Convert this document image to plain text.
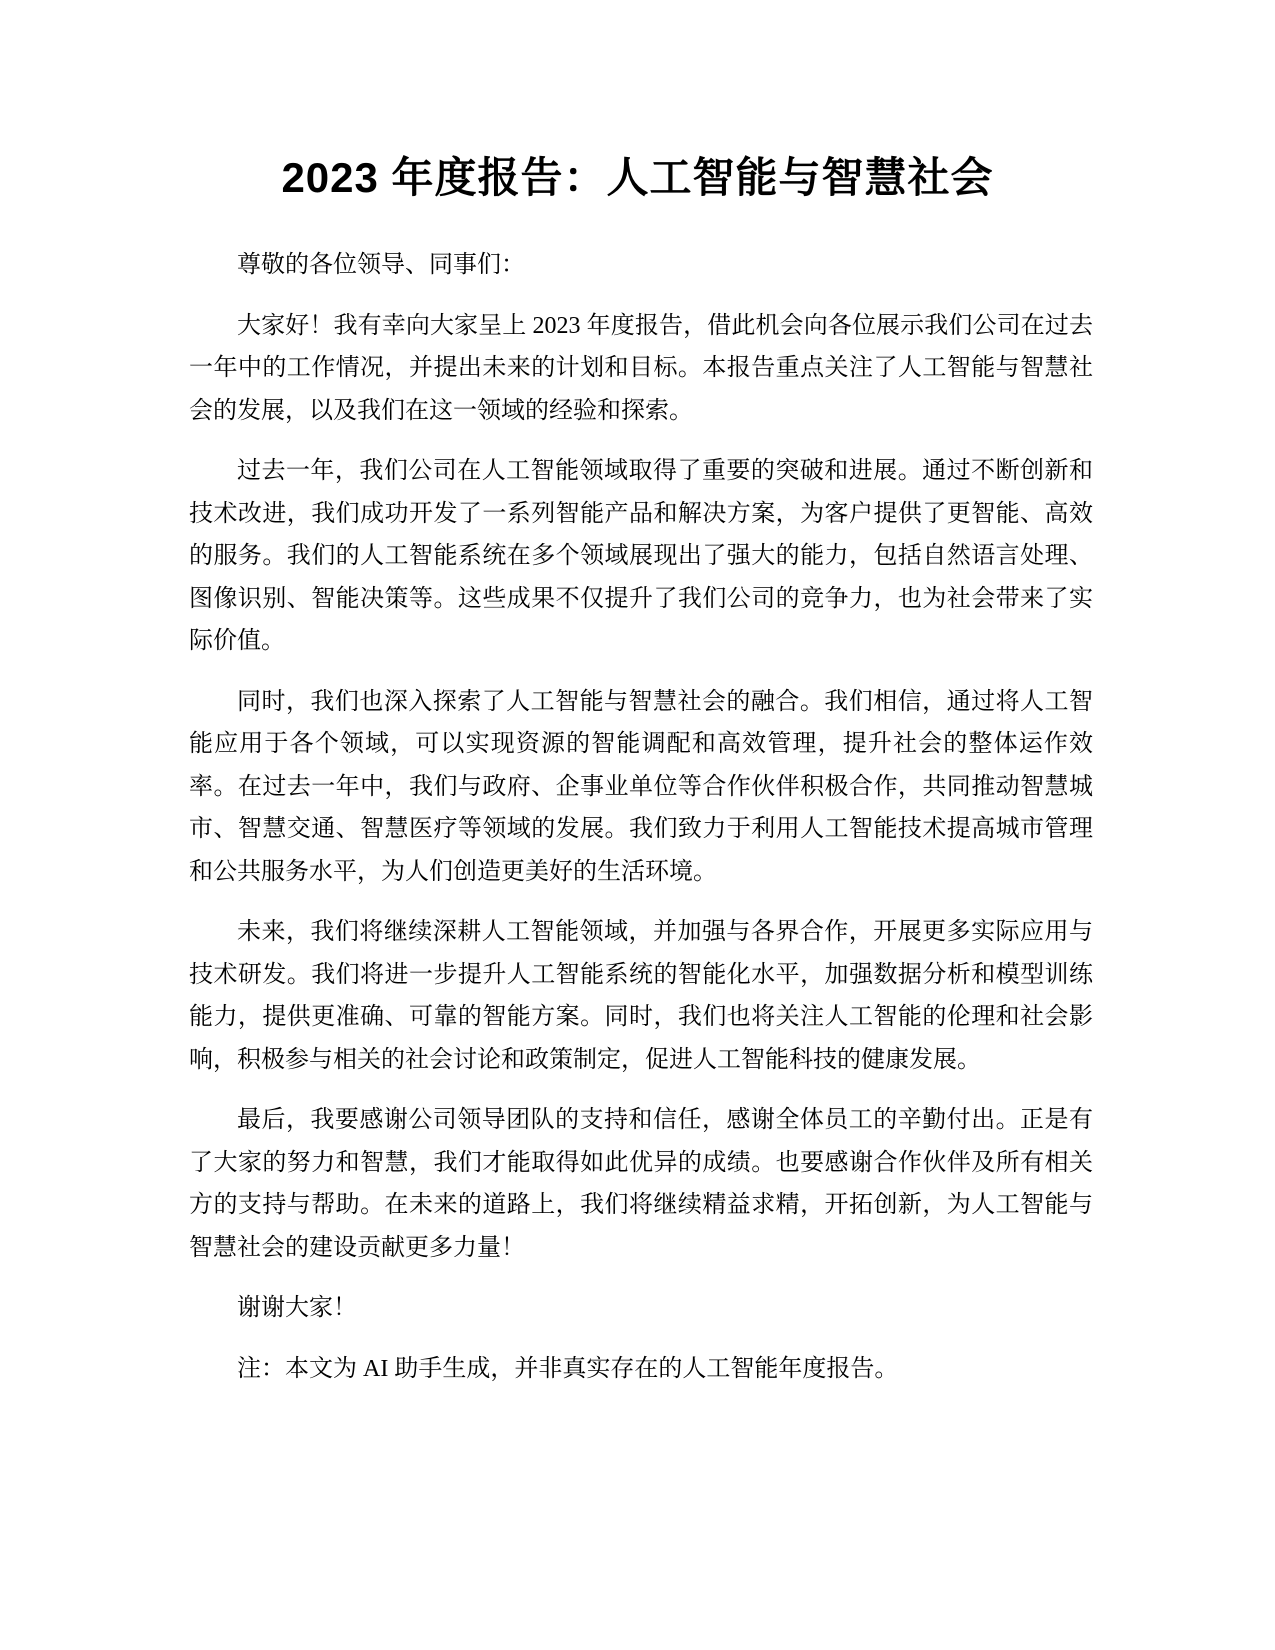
2023 年度报告：人工智能与智慧社会

尊敬的各位领导、同事们：

大家好！我有幸向大家呈上 2023 年度报告，借此机会向各位展示我们公司在过去一年中的工作情况，并提出未来的计划和目标。本报告重点关注了人工智能与智慧社会的发展，以及我们在这一领域的经验和探索。

过去一年，我们公司在人工智能领域取得了重要的突破和进展。通过不断创新和技术改进，我们成功开发了一系列智能产品和解决方案，为客户提供了更智能、高效的服务。我们的人工智能系统在多个领域展现出了强大的能力，包括自然语言处理、图像识别、智能决策等。这些成果不仅提升了我们公司的竞争力，也为社会带来了实际价值。

同时，我们也深入探索了人工智能与智慧社会的融合。我们相信，通过将人工智能应用于各个领域，可以实现资源的智能调配和高效管理，提升社会的整体运作效率。在过去一年中，我们与政府、企事业单位等合作伙伴积极合作，共同推动智慧城市、智慧交通、智慧医疗等领域的发展。我们致力于利用人工智能技术提高城市管理和公共服务水平，为人们创造更美好的生活环境。

未来，我们将继续深耕人工智能领域，并加强与各界合作，开展更多实际应用与技术研发。我们将进一步提升人工智能系统的智能化水平，加强数据分析和模型训练能力，提供更准确、可靠的智能方案。同时，我们也将关注人工智能的伦理和社会影响，积极参与相关的社会讨论和政策制定，促进人工智能科技的健康发展。

最后，我要感谢公司领导团队的支持和信任，感谢全体员工的辛勤付出。正是有了大家的努力和智慧，我们才能取得如此优异的成绩。也要感谢合作伙伴及所有相关方的支持与帮助。在未来的道路上，我们将继续精益求精，开拓创新，为人工智能与智慧社会的建设贡献更多力量！

谢谢大家！

注：本文为 AI 助手生成，并非真实存在的人工智能年度报告。
